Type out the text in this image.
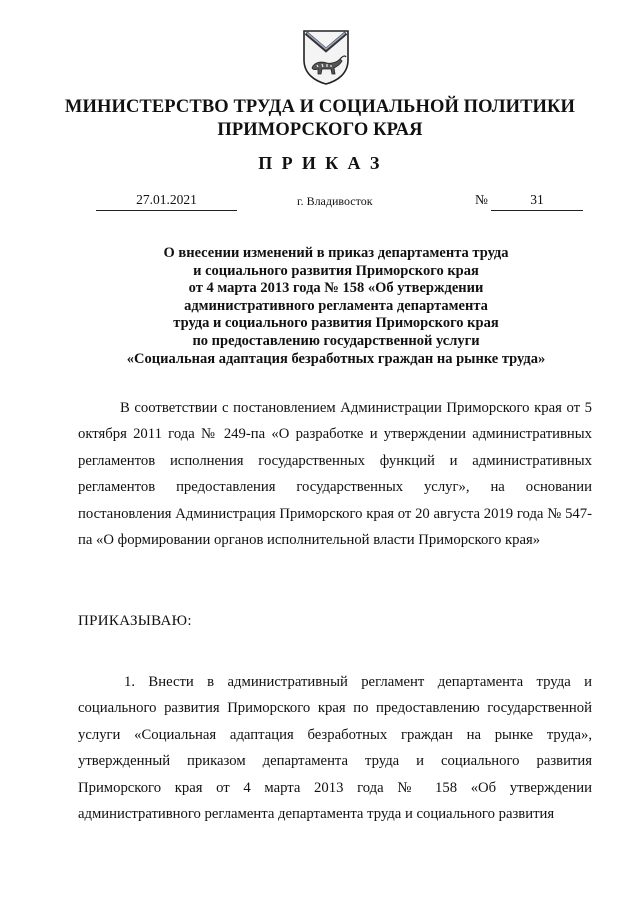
МИНИСТЕРСТВО ТРУДА И СОЦИАЛЬНОЙ ПОЛИТИКИ
ПРИМОРСКОГО КРАЯ
П Р И К А З
27.01.2021	г. Владивосток	№	31
О внесении изменений в приказ департамента труда
и социального развития Приморского края
от 4 марта 2013 года № 158 «Об утверждении
административного регламента департамента
труда и социального развития Приморского края
по предоставлению государственной услуги
«Социальная адаптация безработных граждан на рынке труда»
В соответствии с постановлением Администрации Приморского края от 5 октября 2011 года № 249-па «О разработке и утверждении административных регламентов исполнения государственных функций и административных регламентов предоставления государственных услуг», на основании постановления Администрация Приморского края от 20 августа 2019 года № 547-па «О формировании органов исполнительной власти Приморского края»
ПРИКАЗЫВАЮ:
1. Внести в административный регламент департамента труда и социального развития Приморского края по предоставлению государственной услуги «Социальная адаптация безработных граждан на рынке труда», утвержденный приказом департамента труда и социального развития Приморского края от 4 марта 2013 года № 158 «Об утверждении административного регламента департамента труда и социального развития
